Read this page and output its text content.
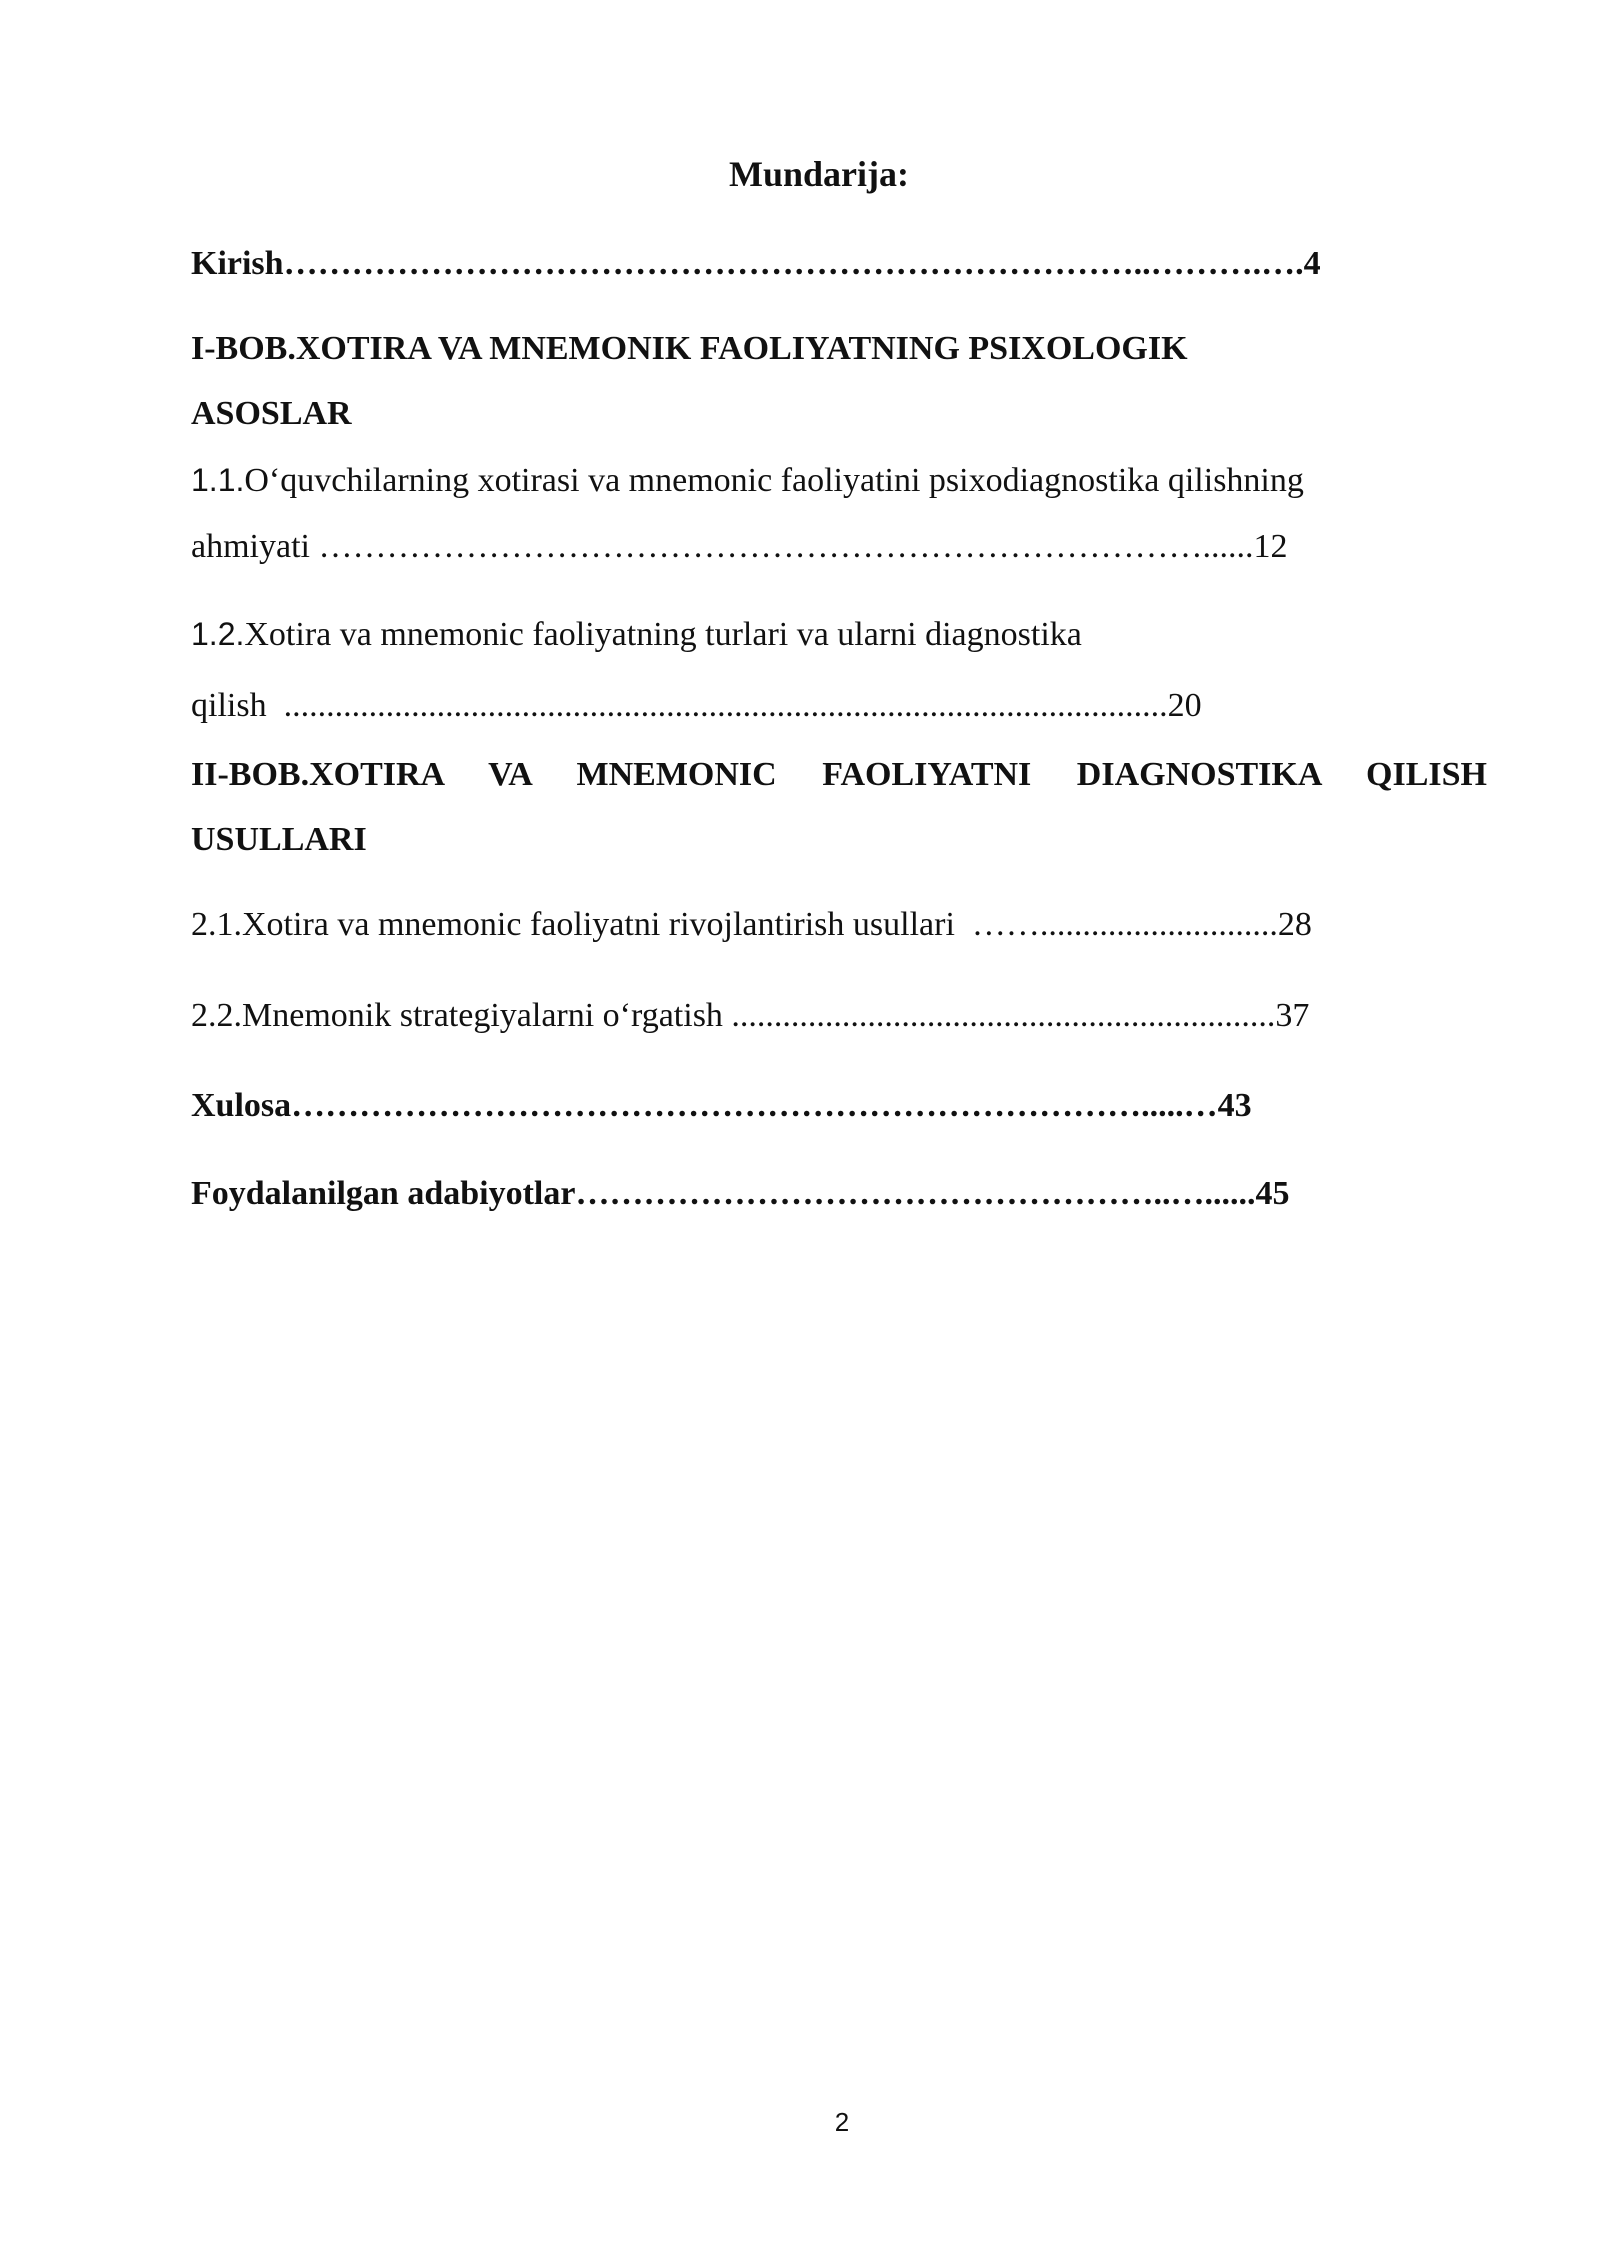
Mundarija:
Kirish…………………………………………………………………..……….….4
I-BOB.XOTIRA VA MNEMONIK FAOLIYATNING PSIXOLOGIK
ASOSLAR
1.1.O‘quvchilarning xotirasi va mnemonic faoliyatini psixodiagnostika qilishning
ahmiyati ……………………………………………………………………......12
1.2.Xotira va mnemonic faoliyatning turlari va ularni diagnostika
qilish  ........................................................................................................20
II-BOB.XOTIRA VA MNEMONIC FAOLIYATNI DIAGNOSTIKA QILISH
USULLARI
2.1.Xotira va mnemonic faoliyatni rivojlantirish usullari  ……............................28
2.2.Mnemonik strategiyalarni o‘rgatish ................................................................37
Xulosa………………………………………………………………….....…43
Foydalanilgan adabiyotlar……………………………………………..…......45
2
